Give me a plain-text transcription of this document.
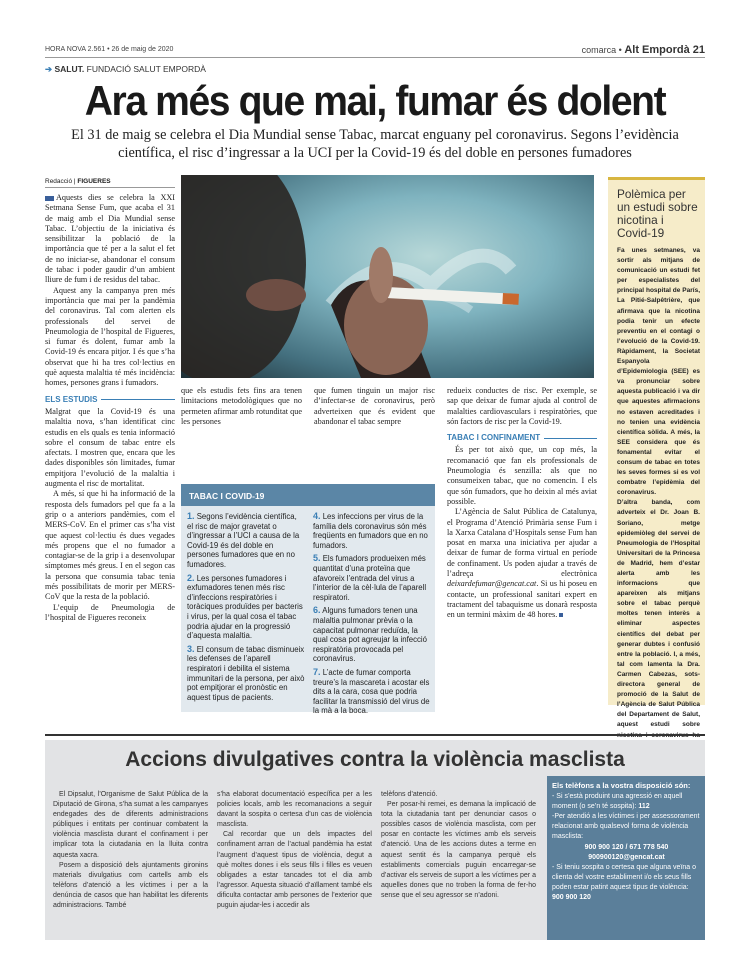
HORA NOVA 2.561 • 26 de maig de 2020	comarca • Alt Empordà 21
➔ SALUT. FUNDACIÓ SALUT EMPORDÀ
Ara més que mai, fumar és dolent
El 31 de maig se celebra el Dia Mundial sense Tabac, marcat enguany pel coronavirus. Segons l’evidència científica, el risc d’ingressar a la UCI per la Covid-19 és del doble en persones fumadores
Redacció | FIGUERES

Aquests dies se celebra la XXI Setmana Sense Fum, que acaba el 31 de maig amb el Dia Mundial sense Tabac. L’objectiu de la iniciativa és sensibilitzar la població de la importància que té per a la salut el fet de no iniciar-se, abandonar el consum de tabac i poder gaudir d’un ambient lliure de fum i de residus del tabac.

Aquest any la campanya pren més importància que mai per la pandèmia del coronavirus. Tal com alerten els professionals del servei de Pneumologia de l’hospital de Figueres, si fumar és dolent, fumar amb la Covid-19 és encara pitjor. I és que s’ha observat que hi ha tres col·lectius en què aquesta malaltia té més incidència: homes, persones grans i fumadors.

ELS ESTUDIS

Malgrat que la Covid-19 és una malaltia nova, s’han identificat cinc estudis en els quals es tenia informació sobre el consum de tabac entre els afectats. I mostren que, encara que les dades disponibles són limitades, fumar empitjora l’evolució de la malaltia i augmenta el risc de mortalitat.

A més, sí que hi ha informació de la resposta dels fumadors pel que fa a la grip o a anteriors pandèmies, com el MERS-CoV. En el primer cas s’ha vist que aquest col·lectiu és dues vegades més propens que el no fumador a contagiar-se de la grip i a desenvolupar símptomes més greus. I en el segon cas la persona que consumia tabac tenia més possibilitats de morir per MERS-CoV que la resta de la població.

L’equip de Pneumologia de l’hospital de Figueres reconeix

que els estudis fets fins ara tenen limitacions metodològiques que no permeten afirmar amb rotunditat que les persones

que fumen tinguin un major risc d’infectar-se de coronavirus, però adverteixen que és evident que abandonar el tabac sempre

TABAC I COVID-19
1. Segons l’evidència científica, el risc de major gravetat o d’ingressar a l’UCI a causa de la Covid-19 és del doble en persones fumadores que en no fumadores.
2. Les persones fumadores i exfumadores tenen més risc d’infeccions respiratòries i toràciques produïdes per bacteris i virus, per la qual cosa el tabac podria ajudar en la progressió d’aquesta malaltia.
3. El consum de tabac disminueix les defenses de l’aparell respiratori i debilita el sistema immunitari de la persona, per això pot empitjorar el pronòstic en aquest tipus de pacients.
4. Les infeccions per virus de la família dels coronavirus són més freqüents en fumadors que en no fumadors.
5. Els fumadors produeixen més quantitat d’una proteïna que afavoreix l’entrada del virus a l’interior de la cèl·lula de l’aparell respiratori.
6. Alguns fumadors tenen una malaltia pulmonar prèvia o la capacitat pulmonar reduïda, la qual cosa pot agreujar la infecció respiratòria provocada pel coronavirus.
7. L’acte de fumar comporta treure’s la mascareta i acostar els dits a la cara, cosa que podria facilitar la transmissió del virus de la mà a la boca.

redueix conductes de risc. Per exemple, se sap que deixar de fumar ajuda al control de malalties cardiovasculars i respiratòries, que són factors de risc per la Covid-19.

TABAC I CONFINAMENT

És per tot això que, un cop més, la recomanació que fan els professionals de Pneumologia és senzilla: als que no consumeixen tabac, que no comencin. I els que són fumadors, que ho deixin al més aviat possible.

L’Agència de Salut Pública de Catalunya, el Programa d’Atenció Primària sense Fum i la Xarxa Catalana d’Hospitals sense Fum han posat en marxa una iniciativa per ajudar a deixar de fumar de forma virtual en període de confinament. Us poden ajudar a través de l’adreça electrònica deixardefumar@gencat.cat. Si us hi poseu en contacte, un professional sanitari expert en tractament del tabaquisme us donarà resposta en un termini màxim de 48 hores.

Polèmica per un estudi sobre nicotina i Covid-19

Fa unes setmanes, va sortir als mitjans de comunicació un estudi fet per especialistes del principal hospital de París, La Pitié-Salpêtrière, que afirmava que la nicotina podia tenir un efecte preventiu en el contagi o l’evolució de la Covid-19. Ràpidament, la Societat Espanyola d’Epidemiologia (SEE) es va pronunciar sobre aquesta publicació i va dir que aquestes afirmacions no estaven acreditades i no tenien una evidència científica sòlida. A més, la SEE considera que és fonamental evitar el consum de tabac en totes les seves formes si es vol combatre l’epidèmia del coronavirus.

D’altra banda, com adverteix el Dr. Joan B. Soriano, metge epidemiòleg del servei de Pneumologia de l’Hospital Universitari de la Princesa de Madrid, hem d’estar alerta amb les informacions que apareixen als mitjans sobre el tabac perquè moltes tenen interès a eliminar aspectes científics del debat per generar dubtes i confusió entre la població. I, a més, tal com lamenta la Dra. Carmen Cabezas, sots-directora general de promoció de la Salut de l’Agència de Salut Pública del Departament de Salut, aquest estudi sobre nicotina i coronavirus ha

Accions divulgatives contra la violència masclista

El Dipsalut, l’Organisme de Salut Pública de la Diputació de Girona, s’ha sumat a les campanyes endegades des de diferents administracions públiques i entitats per continuar combatent la violència masclista durant el confinament i per implicar tota la ciutadania en la lluita contra aquesta xacra.

Posem a disposició dels ajuntaments gironins materials divulgatius com cartells amb els telèfons d’atenció a les víctimes i per a la denúncia de casos que han habilitat les diferents administracions. També

s’ha elaborat documentació específica per a les policies locals, amb les recomanacions a seguir davant la sospita o certesa d’un cas de violència masclista.

Cal recordar que un dels impactes del confinament arran de l’actual pandèmia ha estat l’augment d’aquest tipus de violència, degut a què moltes dones i els seus fills i filles es veuen obligades a estar tancades tot el dia amb l’agressor. Aquesta situació d’aïllament també els dificulta contactar amb persones de l’exterior que puguin ajudar-les i accedir als

telèfons d’atenció.

Per posar-hi remei, es demana la implicació de tota la ciutadania tant per denunciar casos o possibles casos de violència masclista, com per posar en contacte les víctimes amb els serveis d’atenció. Una de les accions dutes a terme en aquest sentit és la campanya perquè els establiments comercials puguin encarregar-se d’activar els serveis de suport a les víctimes per a aquelles dones que no troben la forma de fer-ho sense que el seu agressor se n’adoni.

Els telèfons a la vostra disposició són:
- Si s’està produint una agressió en aquell moment (o se’n té sospita): 112
-Per atendió a les víctimes i per assessorament relacionat amb qualsevol forma de violència masclista:
900 900 120 / 671 778 540
900900120@gencat.cat
- Si teniu sospita o certesa que alguna veïna o clienta del vostre establiment i/o els seus fills poden estar patint aquest tipus de violència: 900 900 120
